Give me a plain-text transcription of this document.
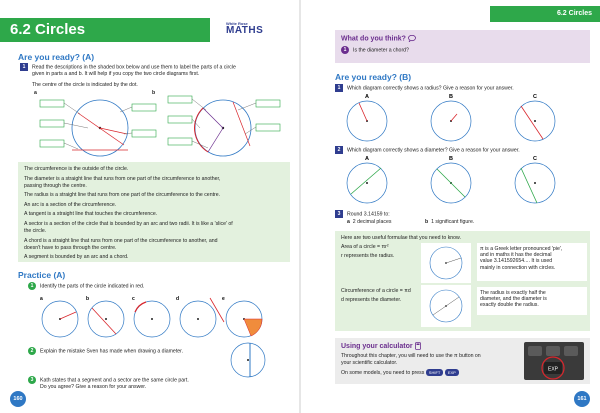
6.2 Circles	White Rose
MATHS
Are you ready? (A)
1 Read the descriptions in the shaded box below and use them to label the parts of a circle
given in parts a and b. It will help if you copy the two circle diagrams first.
The centre of the circle is indicated by the dot.
a	b
The circumference is the outside of the circle.
The diameter is a straight line that runs from one part of the circumference to another,
passing through the centre.
The radius is a straight line that runs from one part of the circumference to the centre.
An arc is a section of the circumference.
A tangent is a straight line that touches the circumference.
A sector is a section of the circle that is bounded by an arc and two radii. It is like a 'slice' of
the circle.
A chord is a straight line that runs from one part of the circumference to another, and
doesn't have to pass through the centre.
A segment is bounded by an arc and a chord.
Practice (A)
1 Identify the parts of the circle indicated in red.
a	b	c	d	e
2 Explain the mistake Sven has made when drawing a diameter.
3 Kath states that a segment and a sector are the same circle part.
Do you agree? Give a reason for your answer.
160
6.2 Circles
What do you think?
1 Is the diameter a chord?
Are you ready? (B)
1 Which diagram correctly shows a radius? Give a reason for your answer.
A	B	C
2 Which diagram correctly shows a diameter? Give a reason for your answer.
A	B	C
3 Round 3.14159 to:
a 2 decimal places	b 1 significant figure.
Here are two useful formulae that you need to know.
Area of a circle = πr²
r represents the radius.
π is a Greek letter pronounced 'pie',
and in maths it has the decimal
value 3.141592654.... It is used
mainly in connection with circles.
Circumference of a circle = πd
d represents the diameter.
The radius is exactly half the
diameter, and the diameter is
exactly double the radius.
Using your calculator
Throughout this chapter, you will need to use the π button on
your scientific calculator.
On some models, you need to press SHIFT EXP	EXP
161
